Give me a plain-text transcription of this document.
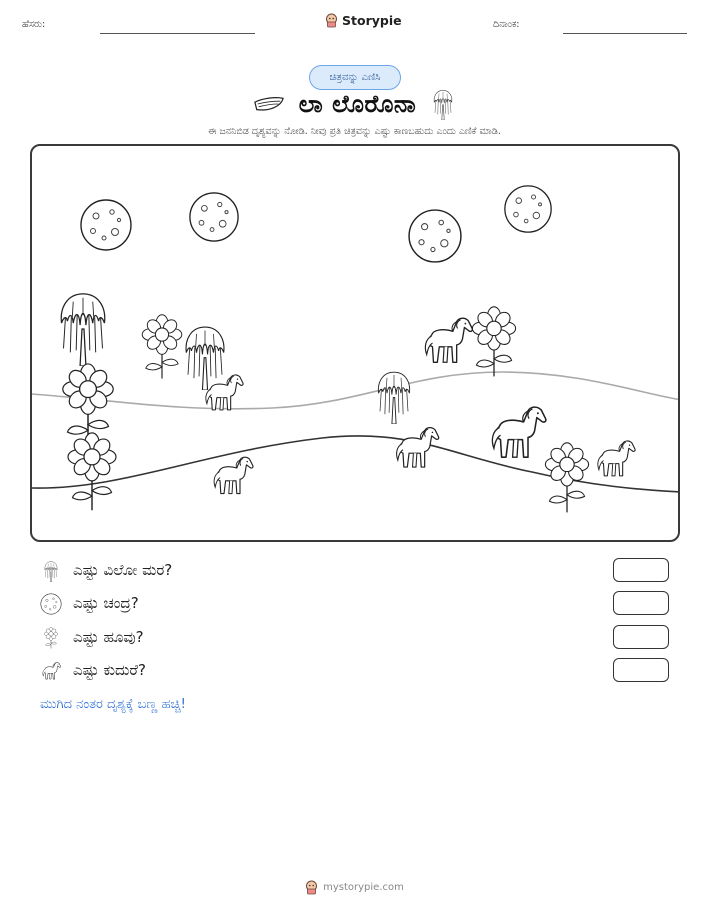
ಹೆಸರು:	Storypie	ದಿನಾಂಕ:
ಚಿತ್ರವನ್ನು ಎಣಿಸಿ
ಲಾ ಲೊರೊನಾ
ಈ ಜನನಿಬಿಡ ದೃಶ್ಯವನ್ನು ನೋಡಿ. ನೀವು ಪ್ರತಿ ಚಿತ್ರವನ್ನು ಎಷ್ಟು ಕಾಣಬಹುದು ಎಂದು ಎಣಿಕೆ ಮಾಡಿ.
ಎಷ್ಟು ವಿಲೋ ಮರ?
ಎಷ್ಟು ಚಂದ್ರ?
ಎಷ್ಟು ಹೂವು?
ಎಷ್ಟು ಕುದುರೆ?
ಮುಗಿದ ನಂತರ ದೃಶ್ಯಕ್ಕೆ ಬಣ್ಣ ಹಚ್ಚಿ!
mystorypie.com
